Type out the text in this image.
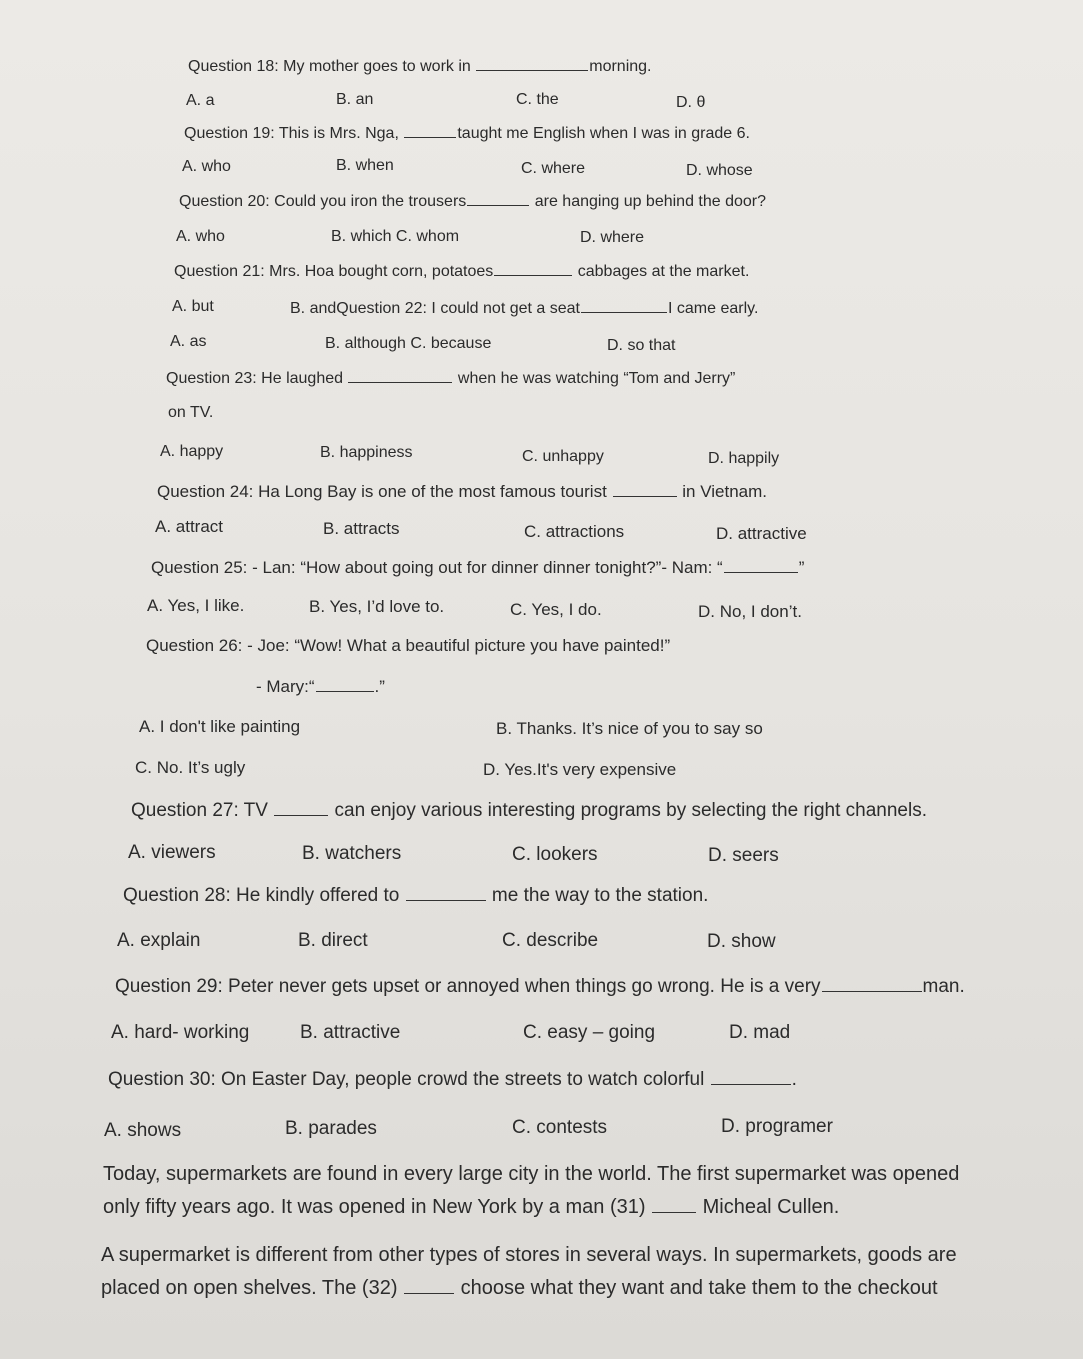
Question 18: My mother goes to work in	morning.
A. a	B. an	C. the	D. θ
Question 19: This is Mrs. Nga,	taught me English when I was in grade 6.
A. who	B. when	C. where	D. whose
Question 20: Could you iron the trousers	are hanging up behind the door?
A. who	B. which C. whom	D. where
Question 21: Mrs. Hoa bought corn, potatoes	cabbages at the market.
A. but	B. andQuestion 22: I could not get a seat	I came early.
A. as	B. although C. because	D. so that
Question 23: He laughed	when he was watching “Tom and Jerry”
on TV.
A. happy	B. happiness	C. unhappy	D. happily
Question 24: Ha Long Bay is one of the most famous tourist	in Vietnam.
A. attract	B. attracts	C. attractions	D. attractive
Question 25: - Lan: “How about going out for dinner dinner tonight?”- Nam: “	”
A. Yes, I like.	B. Yes, I’d love to.	C. Yes, I do.	D. No, I don’t.
Question 26: - Joe: “Wow! What a beautiful picture you have painted!”
- Mary:“	.”
A. I don't like painting	B. Thanks. It’s nice of you to say so
C. No. It’s ugly	D. Yes.It's very expensive
Question 27: TV	can enjoy various interesting programs by selecting the right channels.
A. viewers	B. watchers	C. lookers	D. seers
Question 28: He kindly offered to	me the way to the station.
A. explain	B. direct	C. describe	D. show
Question 29: Peter never gets upset or annoyed when things go wrong. He is a very	man.
A. hard- working	B. attractive	C. easy – going	D. mad
Question 30: On Easter Day, people crowd the streets to watch colorful	.
A. shows	B. parades	C. contests	D. programer
Today, supermarkets are found in every large city in the world. The first supermarket was opened
only fifty years ago. It was opened in New York by a man (31)  Micheal Cullen.
A supermarket is different from other types of stores in several ways. In supermarkets, goods are
placed on open shelves. The (32)	choose what they want and take them to the checkout
